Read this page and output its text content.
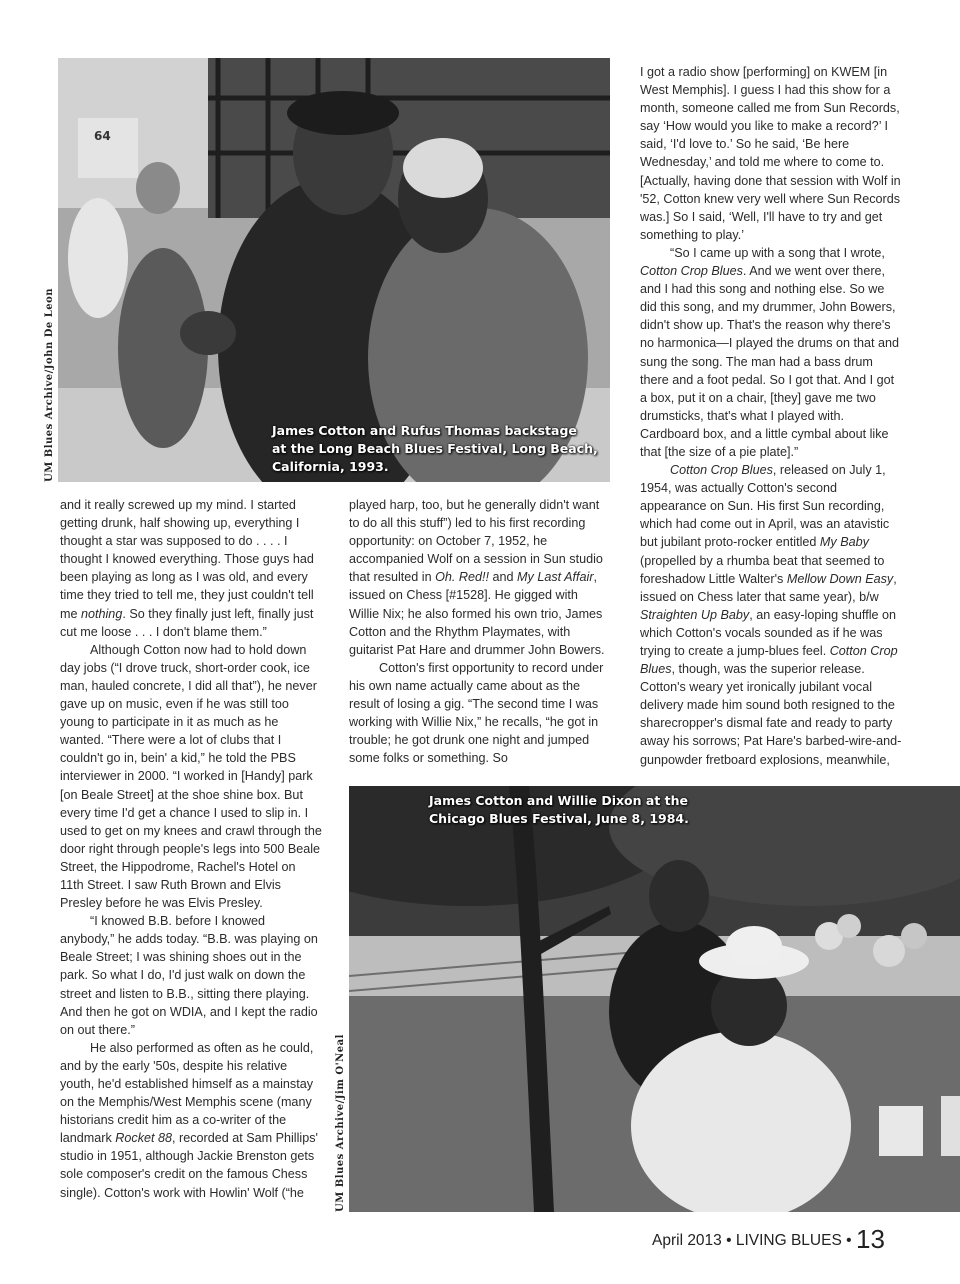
64
James Cotton and Rufus Thomas backstage
at the Long Beach Blues Festival, Long Beach,
California, 1993.
UM Blues Archive/John De Leon

and it really screwed up my mind. I started getting drunk, half showing up, everything I thought a star was supposed to do . . . . I thought I knowed everything. Those guys had been playing as long as I was old, and every time they tried to tell me, they just couldn't tell me nothing. So they finally just left, finally just cut me loose . . . I don't blame them.”

Although Cotton now had to hold down day jobs (“I drove truck, short-order cook, ice man, hauled concrete, I did all that”), he never gave up on music, even if he was still too young to participate in it as much as he wanted. “There were a lot of clubs that I couldn't go in, bein' a kid,” he told the PBS interviewer in 2000. “I worked in [Handy] park [on Beale Street] at the shoe shine box. But every time I'd get a chance I used to slip in. I used to get on my knees and crawl through the door right through people's legs into 500 Beale Street, the Hippodrome, Rachel's Hotel on 11th Street. I saw Ruth Brown and Elvis Presley before he was Elvis Presley.

“I knowed B.B. before I knowed anybody,” he adds today. “B.B. was playing on Beale Street; I was shining shoes out in the park. So what I do, I'd just walk on down the street and listen to B.B., sitting there playing. And then he got on WDIA, and I kept the radio on out there.”

He also performed as often as he could, and by the early '50s, despite his relative youth, he'd established himself as a mainstay on the Memphis/West Memphis scene (many historians credit him as a co-writer of the landmark Rocket 88, recorded at Sam Phillips' studio in 1951, although Jackie Brenston gets sole composer's credit on the famous Chess single). Cotton's work with Howlin' Wolf (“he

played harp, too, but he generally didn't want to do all this stuff”) led to his first recording opportunity: on October 7, 1952, he accompanied Wolf on a session in Sun studio that resulted in Oh. Red!! and My Last Affair, issued on Chess [#1528]. He gigged with Willie Nix; he also formed his own trio, James Cotton and the Rhythm Playmates, with guitarist Pat Hare and drummer John Bowers.

Cotton's first opportunity to record under his own name actually came about as the result of losing a gig. “The second time I was working with Willie Nix,” he recalls, “he got in trouble; he got drunk one night and jumped some folks or something. So

I got a radio show [performing] on KWEM [in West Memphis]. I guess I had this show for a month, someone called me from Sun Records, say ‘How would you like to make a record?’ I said, ‘I'd love to.’ So he said, ‘Be here Wednesday,’ and told me where to come to. [Actually, having done that session with Wolf in '52, Cotton knew very well where Sun Records was.] So I said, ‘Well, I'll have to try and get something to play.’

“So I came up with a song that I wrote, Cotton Crop Blues. And we went over there, and I had this song and nothing else. So we did this song, and my drummer, John Bowers, didn't show up. That's the reason why there's no harmonica—I played the drums on that and sung the song. The man had a bass drum there and a foot pedal. So I got that. And I got a box, put it on a chair, [they] gave me two drumsticks, that's what I played with. Cardboard box, and a little cymbal about like that [the size of a pie plate].”

Cotton Crop Blues, released on July 1, 1954, was actually Cotton's second appearance on Sun. His first Sun recording, which had come out in April, was an atavistic but jubilant proto-rocker entitled My Baby (propelled by a rhumba beat that seemed to foreshadow Little Walter's Mellow Down Easy, issued on Chess later that same year), b/w Straighten Up Baby, an easy-loping shuffle on which Cotton's vocals sounded as if he was trying to create a jump-blues feel. Cotton Crop Blues, though, was the superior release. Cotton's weary yet ironically jubilant vocal delivery made him sound both resigned to the sharecropper's dismal fate and ready to party away his sorrows; Pat Hare's barbed-wire-and-gunpowder fretboard explosions, meanwhile,

James Cotton and Willie Dixon at the
Chicago Blues Festival, June 8, 1984.
UM Blues Archive/Jim O'Neal
April 2013 • LIVING BLUES • 13
